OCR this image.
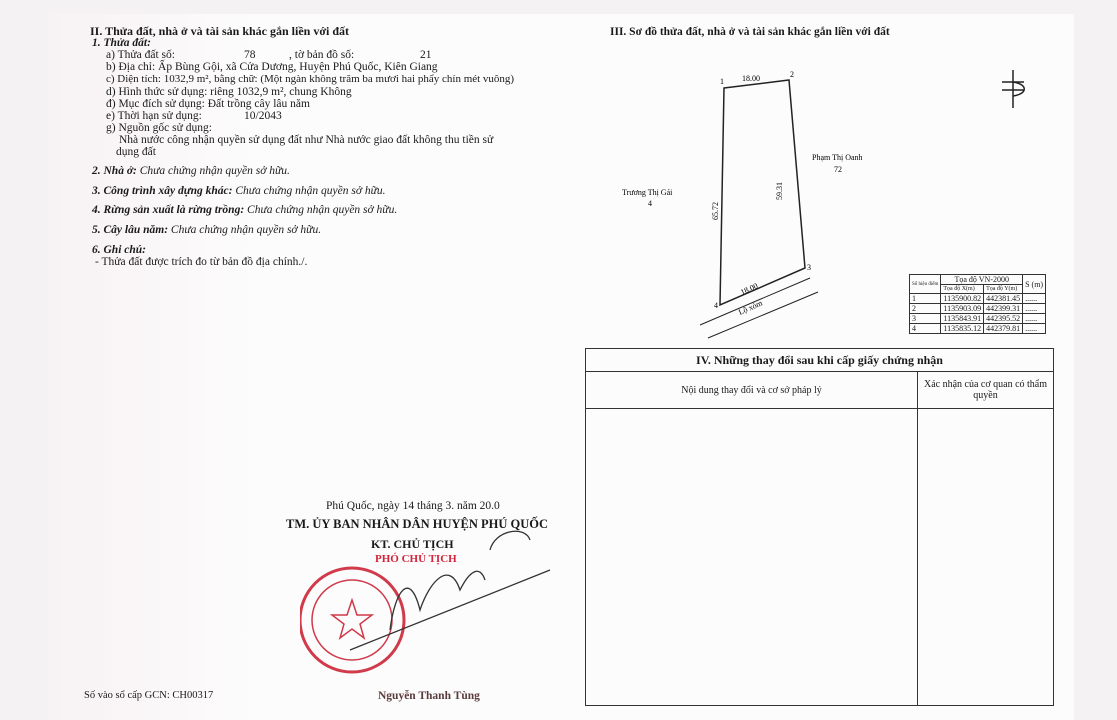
II. Thửa đất, nhà ở và tài sản khác gắn liền với đất
1. Thửa đất:
a) Thửa đất số:	78	, tờ bản đồ số:	21
b) Địa chỉ: Ấp Bùng Gội, xã Cửa Dương, Huyện Phú Quốc, Kiên Giang
c) Diện tích: 1032,9 m², bằng chữ: (Một ngàn không trăm ba mươi hai phẩy chín mét vuông)
d) Hình thức sử dụng: riêng 1032,9 m², chung Không
đ) Mục đích sử dụng: Đất trồng cây lâu năm
e) Thời hạn sử dụng:	10/2043
g) Nguồn gốc sử dụng:
Nhà nước công nhận quyền sử dụng đất như Nhà nước giao đất không thu tiền sử
dụng đất
2. Nhà ở: Chưa chứng nhận quyền sở hữu.
3. Công trình xây dựng khác: Chưa chứng nhận quyền sở hữu.
4. Rừng sản xuất là rừng trồng: Chưa chứng nhận quyền sở hữu.
5. Cây lâu năm: Chưa chứng nhận quyền sở hữu.
6. Ghi chú:
- Thửa đất được trích đo từ bản đồ địa chính./.
Phú Quốc, ngày 14 tháng 3. năm 20.0
TM. ỦY BAN NHÂN DÂN HUYỆN PHÚ QUỐC
KT. CHỦ TỊCH
PHÓ CHỦ TỊCH
Nguyễn Thanh Tùng
Số vào sổ cấp GCN: CH00317
III. Sơ đồ thửa đất, nhà ở và tài sản khác gắn liền với đất
1
2
3
4
18.00
65.72
59.31
18.00
Lộ xóm
Trương Thị Gái
4
Phạm Thị Oanh
72
Số hiệu điểm	Tọa độ VN-2000		S (m)
	Tọa độ X(m)	Tọa độ Y(m)	
1	1135900.82	442381.45	......
2	1135903.09	442399.31	......
3	1135843.91	442395.52	......
4	1135835.12	442379.81	......
IV. Những thay đổi sau khi cấp giấy chứng nhận
Nội dung thay đổi và cơ sở pháp lý	Xác nhận của cơ quan có thẩm quyền
